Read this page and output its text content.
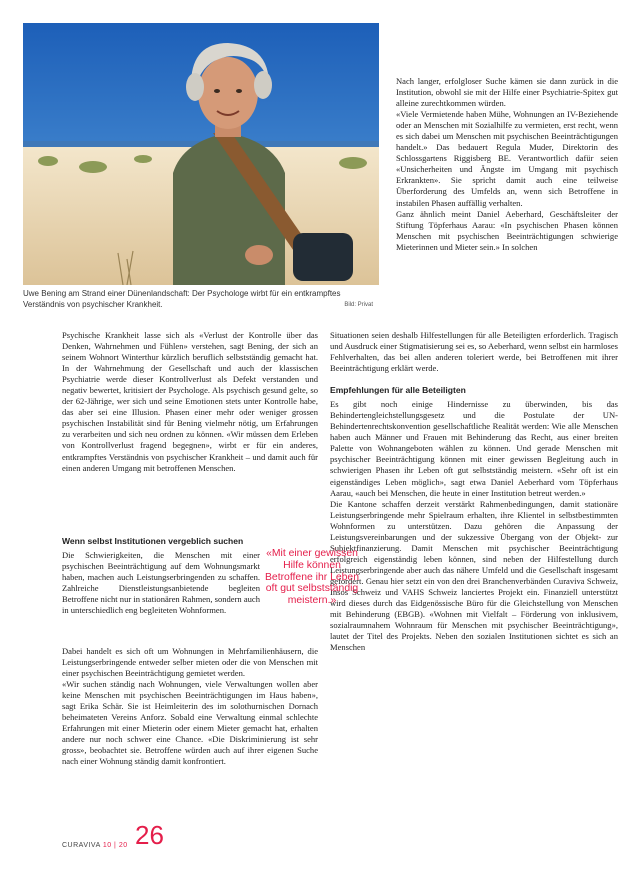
Uwe Bening am Strand einer Dünenlandschaft: Der Psychologe wirbt für ein entkrampftes Verständnis von psychischer Krankheit.	Bild: Privat

Nach langer, erfolgloser Suche kämen sie dann zurück in die Institution, obwohl sie mit der Hilfe einer Psychiatrie-Spitex gut alleine zurechtkommen würden.

«Viele Vermietende haben Mühe, Wohnungen an IV-Beziehende oder an Menschen mit Sozialhilfe zu vermieten, erst recht, wenn es sich dabei um Menschen mit psychischen Beeinträchtigungen handelt.» Das bedauert Regula Muder, Direktorin des Schlossgartens Riggisberg BE. Verantwortlich dafür seien «Unsicherheiten und Ängste im Umgang mit psychisch Erkrankten». Sie spricht damit auch eine teilweise Überforderung des Umfelds an, wenn sich Betroffene in instabilen Phasen auffällig verhalten.

Ganz ähnlich meint Daniel Aeberhard, Geschäftsleiter der Stiftung Töpferhaus Aarau: «In psychischen Phasen können Menschen mit psychischen Beeinträchtigungen schwierige Mieterinnen und Mieter sein.» In solchen

Situationen seien deshalb Hilfestellungen für alle Beteiligten erforderlich. Tragisch und Ausdruck einer Stigmatisierung sei es, so Aeberhard, wenn selbst ein harmloses Fehlverhalten, das bei allen anderen toleriert werde, bei Betroffenen mit ihrer Beeinträchtigung erklärt werde.

Empfehlungen für alle Beteiligten

Es gibt noch einige Hindernisse zu überwinden, bis das Behindertengleichstellungsgesetz und die Postulate der UN-Behindertenrechtskonvention gesellschaftliche Realität werden: Wie alle Menschen haben auch Männer und Frauen mit Behinderung das Recht, aus einer breiten Palette von Wohnangeboten wählen zu können. Und gerade Menschen mit psychischer Beeinträchtigung können mit einer gewissen Begleitung auch in schwierigen Phasen ihr Leben oft gut selbstständig meistern. «Sehr oft ist ein eigenständiges Leben möglich», sagt etwa Daniel Aeberhard vom Töpferhaus Aarau, «auch bei Menschen, die heute in einer Institution betreut werden.»

Die Kantone schaffen derzeit verstärkt Rahmenbedingungen, damit stationäre Leistungserbringende mehr Spielraum erhalten, ihre Klientel in selbstbestimmten Wohnformen zu unterstützen. Dazu gehören die Anpassung der Leistungsvereinbarungen und der sukzessive Übergang von der Objekt- zur Subjektfinanzierung. Damit Menschen mit psychischer Beeinträchtigung erfolgreich eigenständig leben können, sind neben der Hilfestellung durch Leistungserbringende aber auch das nähere Umfeld und die Gesellschaft insgesamt gefordert. Genau hier setzt ein von den drei Branchenverbänden Curaviva Schweiz, Insos Schweiz und VAHS Schweiz lanciertes Projekt ein. Finanziell unterstützt wird dieses durch das Eidgenössische Büro für die Gleichstellung von Menschen mit Behinderung (EBGB). «Wohnen mit Vielfalt – Förderung von inklusivem, sozialraumnahem Wohnraum für Menschen mit psychischer Beeinträchtigung», lautet der Titel des Projekts. Neben den sozialen Institutionen sichtet es sich an Menschen

Psychische Krankheit lasse sich als «Verlust der Kontrolle über das Denken, Wahrnehmen und Fühlen» verstehen, sagt Bening, der sich an seinem Wohnort Winterthur kürzlich beruflich selbstständig gemacht hat. In der Wahrnehmung der Gesellschaft und auch der klassischen Psychiatrie werde dieser Kontrollverlust als Defekt verstanden und negativ bewertet, kritisiert der Psychologe. Als psychisch gesund gelte, so der 62-Jährige, wer sich und seine Emotionen stets unter Kontrolle habe, das aber sei eine Illusion. Phasen einer mehr oder weniger grossen psychischen Instabilität sind für Bening vielmehr nötig, um Erfahrungen zu verarbeiten und sich neu ordnen zu können. «Wir müssen dem Erleben von Kontrollverlust fragend begegnen», wirbt er für ein anderes, entkrampftes Verständnis von psychischer Krankheit – und damit auch für einen anderen Umgang mit betroffenen Menschen.

Wenn selbst Institutionen vergeblich suchen

Die Schwierigkeiten, die Menschen mit einer psychischen Beeinträchtigung auf dem Wohnungsmarkt haben, machen auch Leistungserbringenden zu schaffen. Zahlreiche Dienstleistungsanbietende begleiten Betroffene nicht nur in stationären Rahmen, sondern auch in unterschiedlich eng begleiteten Wohnformen.

«Mit einer gewissen Hilfe können Betroffene ihr Leben oft gut selbstständig meistern.»

Dabei handelt es sich oft um Wohnungen in Mehrfamilienhäusern, die Leistungserbringende entweder selber mieten oder die von Menschen mit einer psychischen Beeinträchtigung gemietet werden.

«Wir suchen ständig nach Wohnungen, viele Verwaltungen wollen aber keine Menschen mit psychischen Beeinträchtigungen im Haus haben», sagt Erika Schär. Sie ist Heimleiterin des im solothurnischen Dornach beheimateten Vereins Anforz. Sobald eine Verwaltung einmal schlechte Erfahrungen mit einer Mieterin oder einem Mieter gemacht hat, erhalten andere nur noch schwer eine Chance. «Die Diskriminierung ist sehr gross», beobachtet sie. Betroffene würden auch auf ihrer eigenen Suche nach einer Wohnung ständig damit konfrontiert.

CURAVIVA 10 | 20 26
